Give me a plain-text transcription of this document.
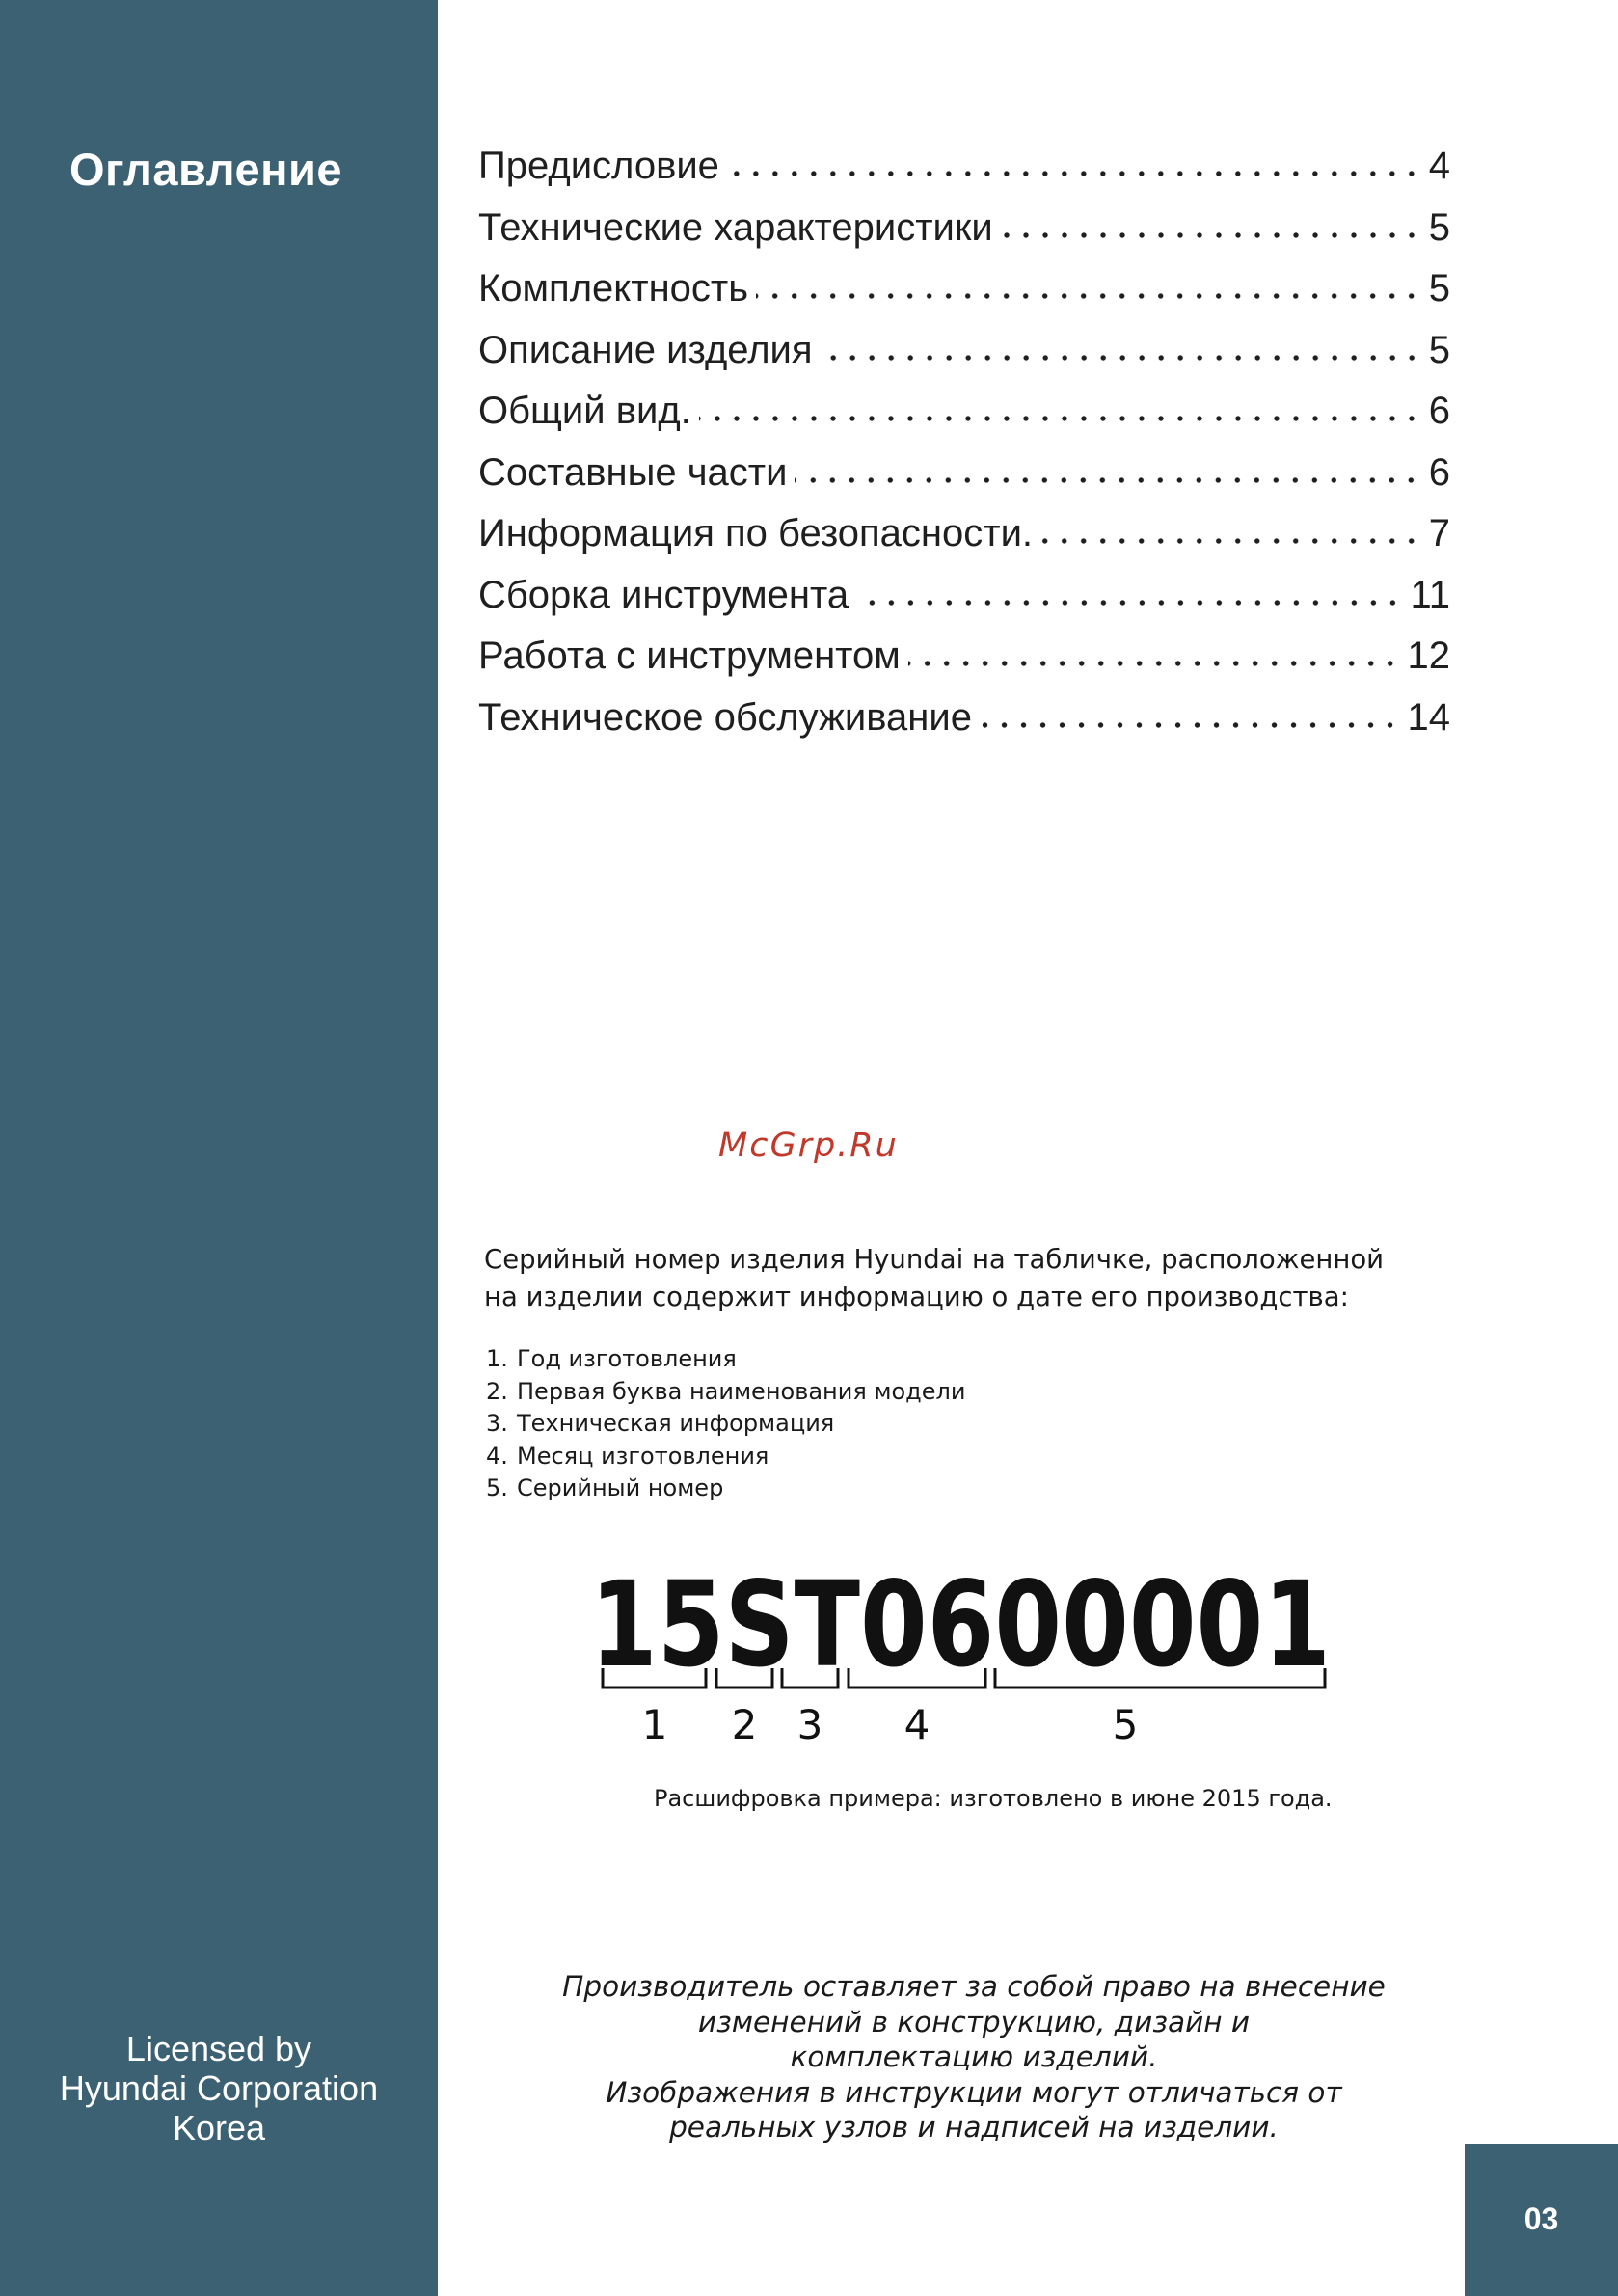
Оглавление
Licensed by
Hyundai Corporation
Korea
Предисловие	4
Технические характеристики	5
Комплектность	5
Описание изделия	5
Общий вид.	6
Составные части	6
Информация по безопасности.	7
Сборка инструмента	11
Работа с инструментом	12
Техническое обслуживание	14
McGrp.Ru
Серийный номер изделия Hyundai на табличке, расположенной
на изделии содержит информацию о дате его производства:
1. Год изготовления
2. Первая буква наименования модели
3. Техническая информация
4. Месяц изготовления
5. Серийный номер
15ST0600001
1 2 3 4	5
Расшифровка примера: изготовлено в июне 2015 года.
Производитель оставляет за собой право на внесение
изменений в конструкцию, дизайн и
комплектацию изделий.
Изображения в инструкции могут отличаться от
реальных узлов и надписей на изделии.
03
